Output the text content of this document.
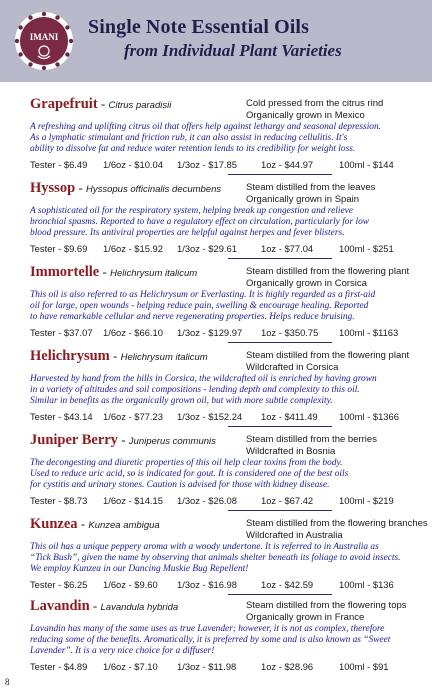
IMANI Single Note Essential Oils
from Individual Plant Varieties
Grapefruit - Citrus paradisii	Cold pressed from the citrus rind
Organically grown in Mexico
A refreshing and uplifting citrus oil that offers help against lethargy and seasonal depression.
As a lymphatic stimulant and friction rub, it can also assist in reducing cellulitis. It's
ability to dissolve fat and reduce water retention lends to its credibility for weight loss.
Tester - $6.49 1/6oz - $10.04 1/3oz - $17.85	1oz - $44.97	100ml - $144
Hyssop - Hyssopus officinalis decumbens	Steam distilled from the leaves
Organically grown in Spain
A sophisticated oil for the respiratory system, helping break up congestion and relieve
bronchial spasms. Reported to have a regulatory effect on circulation, particularly for low
blood pressure. Its antiviral properties are helpful against herpes and fever blisters.
Tester - $9.69 1/6oz - $15.92 1/3oz - $29.61	1oz - $77.04	100ml - $251
Immortelle - Helichrysum italicum	Steam distilled from the flowering plant
Organically grown in Corsica
This oil is also referred to as Helichrysum or Everlasting. It is highly regarded as a first-aid
oil for large, open wounds - helping reduce pain, swelling & encourage healing. Reported
to have remarkable cellular and nerve regenerating properties. Helps reduce bruising.
Tester - $37.07 1/6oz - $66.10 1/3oz - $129.97 1oz - $350.75 100ml - $1163
Helichrysum - Helichrysum italicum	Steam distilled from the flowering plant
Wildcrafted in Corsica
Harvested by hand from the hills in Corsica, the wildcrafted oil is enriched by having grown
in a variety of altitudes and soil compositions - lending depth and complexity to this oil.
Similar in benefits as the organically grown oil, but with more subtle complexity.
Tester - $43.14 1/6oz - $77.23 1/3oz - $152.24 1oz - $411.49 100ml - $1366
Juniper Berry - Juniperus communis	Steam distilled from the berries
Wildcrafted in Bosnia
The decongesting and diuretic properties of this oil help clear toxins from the body.
Used to reduce uric acid, so is indicated for gout. It is considered one of the best oils
for cystitis and urinary stones. Caution is advised for those with kidney disease.
Tester - $8.73 1/6oz - $14.15 1/3oz - $26.08	1oz - $67.42	100ml - $219
Kunzea - Kunzea ambigua	Steam distilled from the flowering branches
Wildcrafted in Australia
This oil has a unique peppery aroma with a woody undertone. It is referred to in Australia as
“Tick Bush”, given the name by observing that animals shelter beneath its foliage to avoid insects.
We employ Kunzea in our Dancing Muskie Bug Repellent!
Tester - $6.25 1/6oz - $9.60 1/3oz - $16.98	1oz - $42.59	100ml - $136
Lavandin - Lavandula hybrida	Steam distilled from the flowering tops
Organically grown in France
Lavandin has many of the same uses as true Lavender; however, it is not as complex, therefore
reducing some of the benefits. Aromatically, it is preferred by some and is also known as “Sweet
Lavender”. It is a very nice choice for a diffuser!
Tester - $4.89 1/6oz - $7.10 1/3oz - $11.98	1oz - $28.96	100ml - $91
8
